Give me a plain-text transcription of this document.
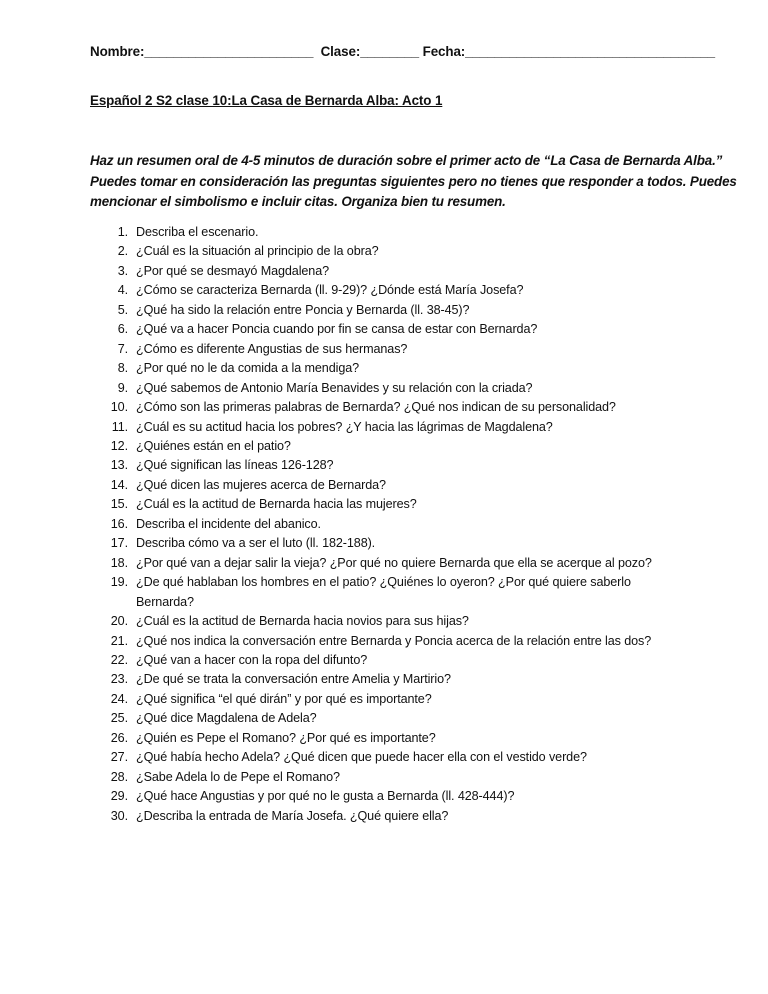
Nombre:_______________________ Clase:________ Fecha:__________________________________
Español 2 S2 clase 10:La Casa de Bernarda Alba: Acto 1
Haz un resumen oral de 4-5 minutos de duración sobre el primer acto de “La Casa de Bernarda Alba.”
Puedes tomar en consideración las preguntas siguientes pero no tienes que responder a todos. Puedes
mencionar el simbolismo e incluir citas. Organiza bien tu resumen.
1. Describa el escenario.
2. ¿Cuál es la situación al principio de la obra?
3. ¿Por qué se desmayó Magdalena?
4. ¿Cómo se caracteriza Bernarda (ll. 9-29)? ¿Dónde está María Josefa?
5. ¿Qué ha sido la relación entre Poncia y Bernarda (ll. 38-45)?
6. ¿Qué va a hacer Poncia cuando por fin se cansa de estar con Bernarda?
7. ¿Cómo es diferente Angustias de sus hermanas?
8. ¿Por qué no le da comida a la mendiga?
9. ¿Qué sabemos de Antonio María Benavides y su relación con la criada?
10. ¿Cómo son las primeras palabras de Bernarda? ¿Qué nos indican de su personalidad?
11. ¿Cuál es su actitud hacia los pobres? ¿Y hacia las lágrimas de Magdalena?
12. ¿Quiénes están en el patio?
13. ¿Qué significan las líneas 126-128?
14. ¿Qué dicen las mujeres acerca de Bernarda?
15. ¿Cuál es la actitud de Bernarda hacia las mujeres?
16. Describa el incidente del abanico.
17. Describa cómo va a ser el luto (ll. 182-188).
18. ¿Por qué van a dejar salir la vieja? ¿Por qué no quiere Bernarda que ella se acerque al pozo?
19. ¿De qué hablaban los hombres en el patio? ¿Quiénes lo oyeron? ¿Por qué quiere saberlo
Bernarda?
20. ¿Cuál es la actitud de Bernarda hacia novios para sus hijas?
21. ¿Qué nos indica la conversación entre Bernarda y Poncia acerca de la relación entre las dos?
22. ¿Qué van a hacer con la ropa del difunto?
23. ¿De qué se trata la conversación entre Amelia y Martirio?
24. ¿Qué significa “el qué dirán” y por qué es importante?
25. ¿Qué dice Magdalena de Adela?
26. ¿Quién es Pepe el Romano? ¿Por qué es importante?
27. ¿Qué había hecho Adela? ¿Qué dicen que puede hacer ella con el vestido verde?
28. ¿Sabe Adela lo de Pepe el Romano?
29. ¿Qué hace Angustias y por qué no le gusta a Bernarda (ll. 428-444)?
30. ¿Describa la entrada de María Josefa. ¿Qué quiere ella?
